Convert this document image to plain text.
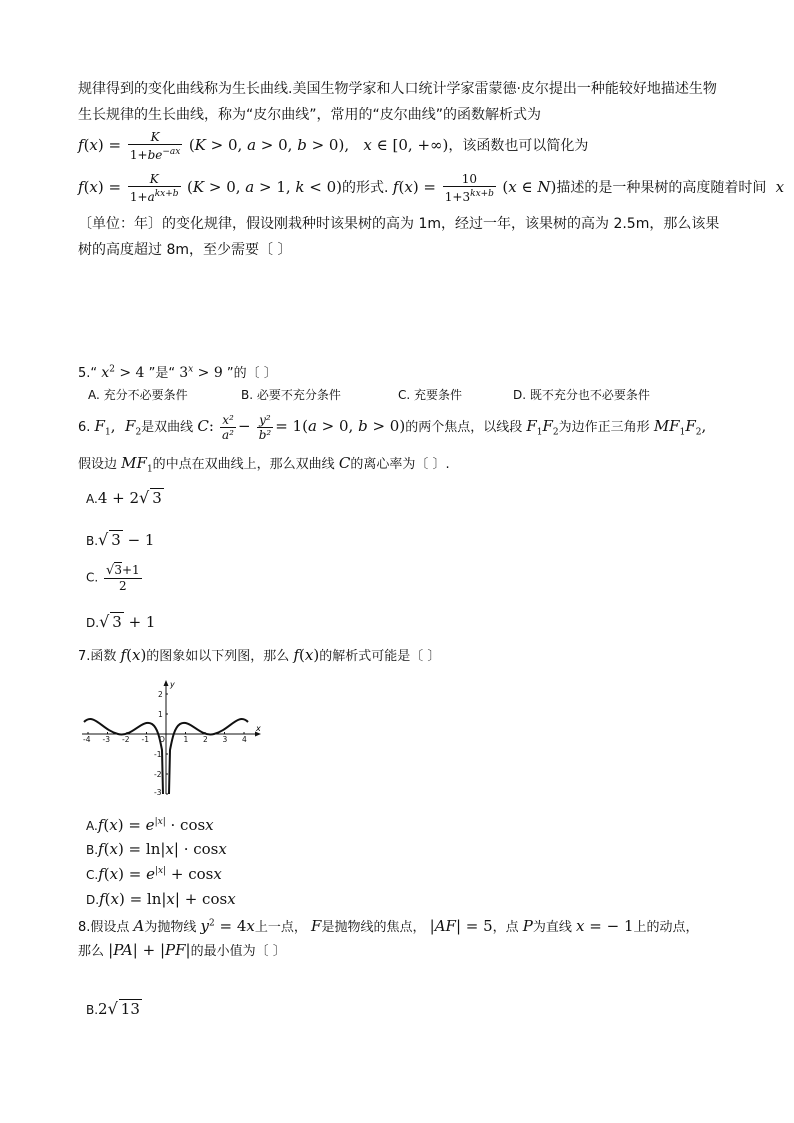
规律得到的变化曲线称为生长曲线.美国生物学家和人口统计学家雷蒙德·皮尔提出一种能较好地描述生物
生长规律的生长曲线，称为“皮尔曲线”，常用的“皮尔曲线”的函数解析式为
$f(x) = \frac{K}{1+be^{-ax}} (K > 0$, a > 0, b > 0),   x ∈ [0, +∞)，该函数也可以简化为
$f(x) = \frac{K}{1+a^{kx+b}} (K > 0$, a > 1, k < 0)的形式. $f(x) = \frac{10}{1+3^{kx+b}} (x$ ∈ N)描述的是一种果树的高度随着时间  x
〔单位：年〕的变化规律，假设刚栽种时该果树的高为 1m，经过一年，该果树的高为 2.5m，那么该果
树的高度超过 8m，至少需要〔 〕
5.“ $x^2 > 4$ ”是“ $3^x > 9$ ”的〔 〕
A. 充分不必要条件	B. 必要不充分条件	C. 充要条件	D. 既不充分也不必要条件
6. $F_1$,  $F_2$是双曲线 C: $\frac{\text{x²}}{\text{a²}} - \frac{\text{y²}}{\text{b²}} = 1(a > 0$, b > 0)的两个焦点，以线段 $F_1F_2$为边作正三角形 $MF_1F_2$,
假设边 $MF_1$的中点在双曲线上，那么双曲线 C的离心率为〔 〕.
A.4 + 2√ 3
B.√ 3 − 1
C. $\frac{√3+1}{2}$
D.√ 3 + 1
7.函数 f(x)的图象如以下列图，那么 f(x)的解析式可能是〔 〕
x
y
-4 -3 -2 -1 O 1 2 3 4
2
1
-1
-2
-3
$A.f(x) = e^{|x|} \cdot \cos x$
B.f(x) = ln|x| · cosx
$C.f(x) = e^{|x|} + \cos x$
D.f(x) = ln|x| + cosx
8.假设点 A为抛物线 $y^2 = 4x$上一点， F是抛物线的焦点， |AF| = 5，点 P为直线 x = − 1上的动点，
那么 |PA| + |PF|的最小值为〔 〕
B.2√ 13
